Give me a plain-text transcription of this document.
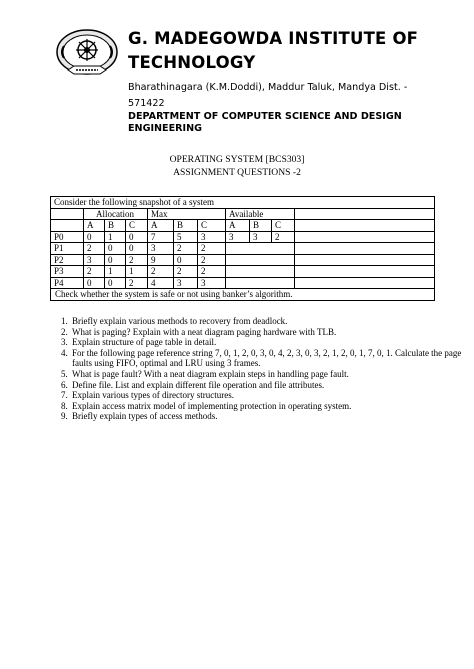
G. MADEGOWDA INSTITUTE OF
TECHNOLOGY
Bharathinagara (K.M.Doddi), Maddur Taluk, Mandya Dist. -
571422
DEPARTMENT OF COMPUTER SCIENCE AND DESIGN
ENGINEERING
OPERATING SYSTEM [BCS303]
ASSIGNMENT QUESTIONS -2
Consider the following snapshot of a system										
	Allocation			Max			Available			
	A	B	C	A	B	C	A	B	C	
P0	0	1	0	7	5	3	3	3	2	
P1	2	0	0	3	2	2				
P2	3	0	2	9	0	2				
P3	2	1	1	2	2	2				
P4	0	0	2	4	3	3				
Check whether the system is safe or not using banker’s algorithm.										
1. Briefly explain various methods to recovery from deadlock.
2. What is paging? Explain with a neat diagram paging hardware with TLB.
3. Explain structure of page table in detail.
4. For the following page reference string 7, 0, 1, 2, 0, 3, 0, 4, 2, 3, 0, 3, 2, 1, 2, 0, 1, 7, 0, 1. Calculate the page faults using FIFO, optimal and LRU using 3 frames.
5. What is page fault? With a neat diagram explain steps in handling page fault.
6. Define file. List and explain different file operation and file attributes.
7. Explain various types of directory structures.
8. Explain access matrix model of implementing protection in operating system.
9. Briefly explain types of access methods.
